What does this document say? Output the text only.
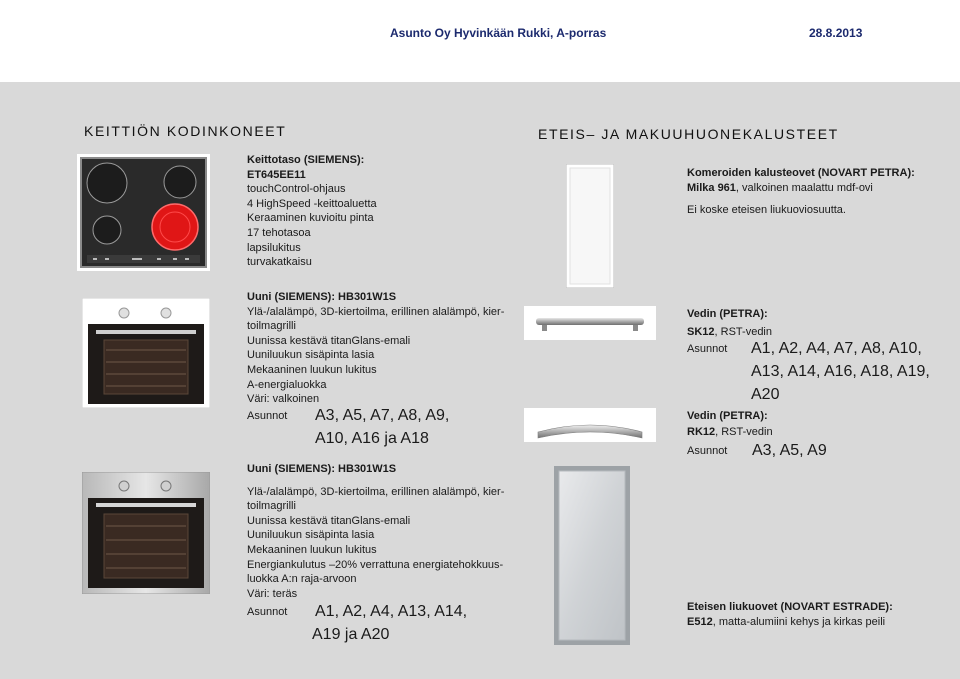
Asunto Oy Hyvinkään Rukki, A-porras	28.8.2013
KEITTIÖN KODINKONEET	ETEIS– JA MAKUUHUONEKALUSTEET
Keittotaso (SIEMENS):
ET645EE11
touchControl-ohjaus
4 HighSpeed -keittoaluetta
Keraaminen kuvioitu pinta
17 tehotasoa
lapsilukitus
turvakatkaisu
Uuni (SIEMENS): HB301W1S
Ylä-/alalämpö, 3D-kiertoilma, erillinen alalämpö, kier-
toilmagrilli
Uunissa kestävä titanGlans-emali
Uuniluukun sisäpinta lasia
Mekaaninen luukun lukitus
A-energialuokka
Väri: valkoinen
Asunnot A3, A5, A7, A8, A9,
A10, A16 ja A18
Uuni (SIEMENS): HB301W1S
Ylä-/alalämpö, 3D-kiertoilma, erillinen alalämpö, kier-
toilmagrilli
Uunissa kestävä titanGlans-emali
Uuniluukun sisäpinta lasia
Mekaaninen luukun lukitus
Energiankulutus –20% verrattuna energiatehokkuus-
luokka A:n raja-arvoon
Väri: teräs
Asunnot A1, A2, A4, A13, A14,
A19 ja A20
Komeroiden kalusteovet (NOVART PETRA):
Milka 961, valkoinen maalattu mdf-ovi
Ei koske eteisen liukuoviosuutta.
Vedin (PETRA):
SK12, RST-vedin
Asunnot A1, A2, A4, A7, A8, A10,
A13, A14, A16, A18, A19,
A20
Vedin (PETRA):
RK12, RST-vedin
Asunnot A3, A5, A9
Eteisen liukuovet (NOVART ESTRADE):
E512, matta-alumiini kehys ja kirkas peili
